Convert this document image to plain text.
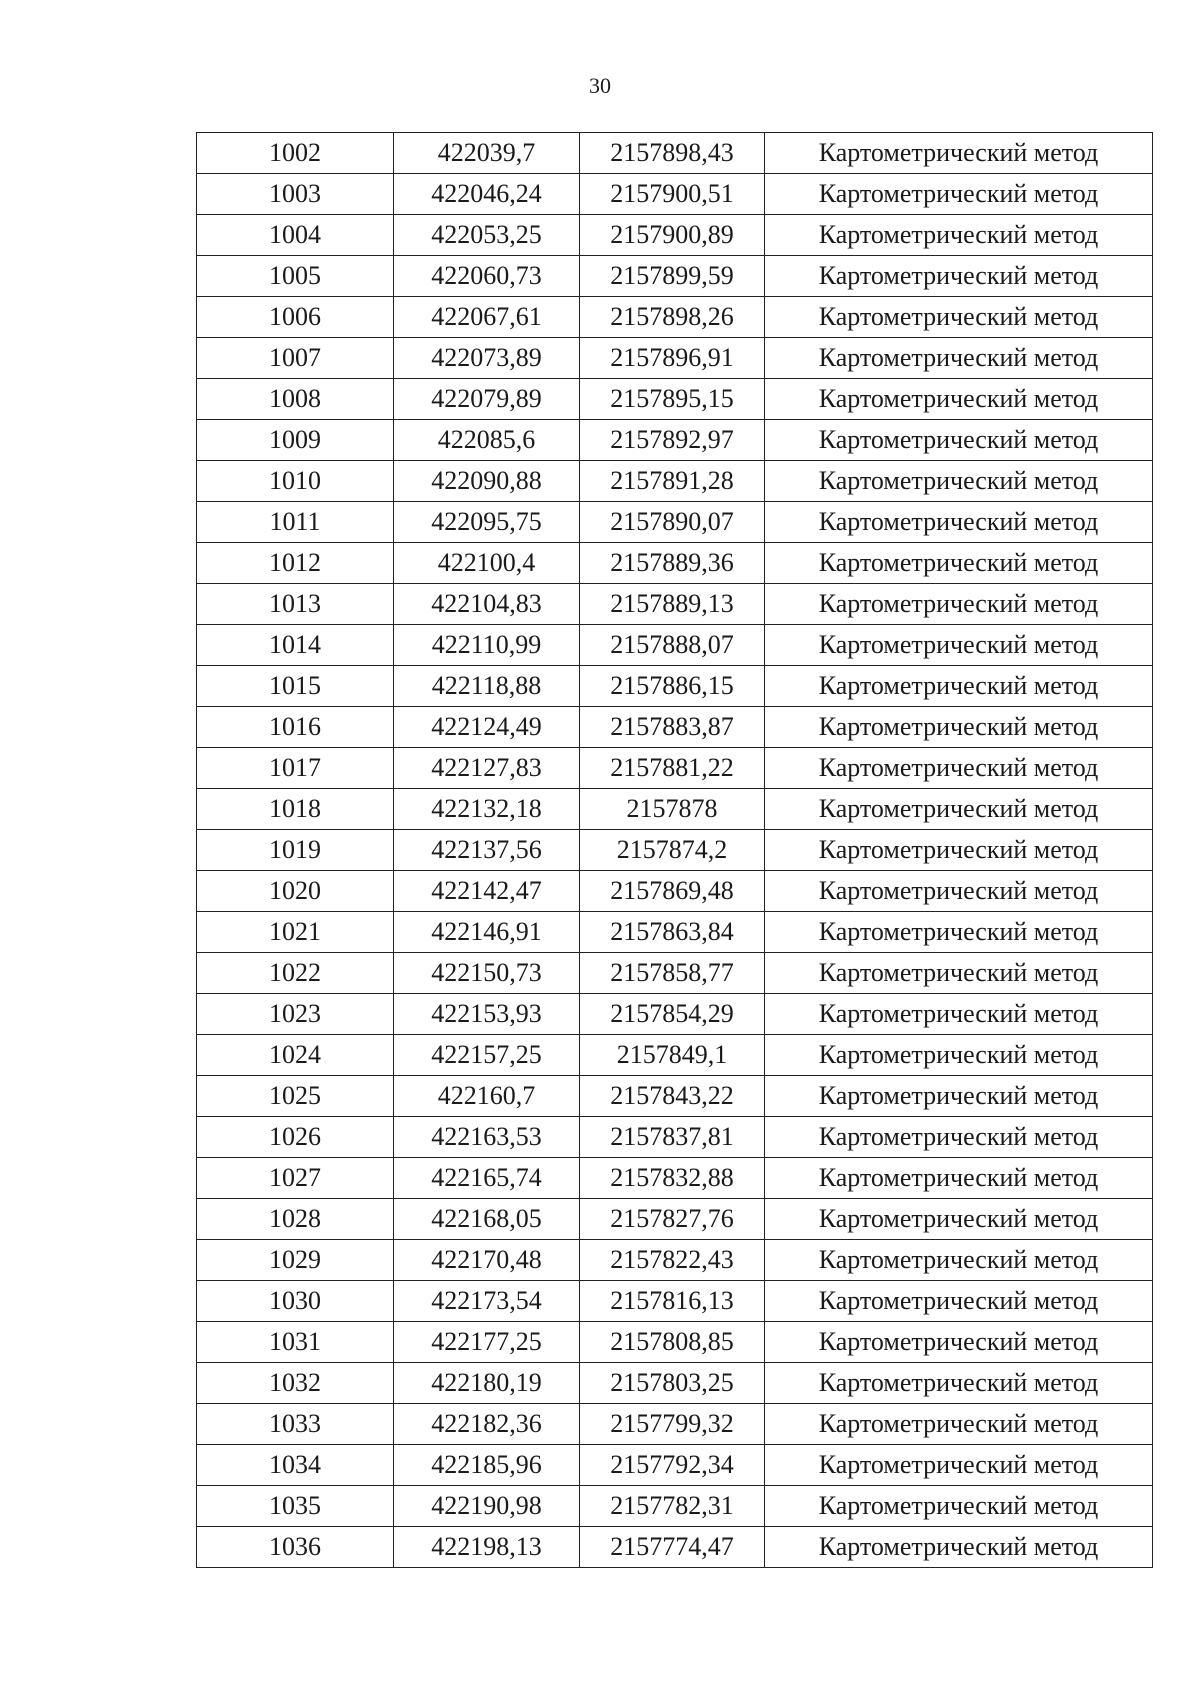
30
1002	422039,7	2157898,43	Картометрический метод
1003	422046,24	2157900,51	Картометрический метод
1004	422053,25	2157900,89	Картометрический метод
1005	422060,73	2157899,59	Картометрический метод
1006	422067,61	2157898,26	Картометрический метод
1007	422073,89	2157896,91	Картометрический метод
1008	422079,89	2157895,15	Картометрический метод
1009	422085,6	2157892,97	Картометрический метод
1010	422090,88	2157891,28	Картометрический метод
1011	422095,75	2157890,07	Картометрический метод
1012	422100,4	2157889,36	Картометрический метод
1013	422104,83	2157889,13	Картометрический метод
1014	422110,99	2157888,07	Картометрический метод
1015	422118,88	2157886,15	Картометрический метод
1016	422124,49	2157883,87	Картометрический метод
1017	422127,83	2157881,22	Картометрический метод
1018	422132,18	2157878	Картометрический метод
1019	422137,56	2157874,2	Картометрический метод
1020	422142,47	2157869,48	Картометрический метод
1021	422146,91	2157863,84	Картометрический метод
1022	422150,73	2157858,77	Картометрический метод
1023	422153,93	2157854,29	Картометрический метод
1024	422157,25	2157849,1	Картометрический метод
1025	422160,7	2157843,22	Картометрический метод
1026	422163,53	2157837,81	Картометрический метод
1027	422165,74	2157832,88	Картометрический метод
1028	422168,05	2157827,76	Картометрический метод
1029	422170,48	2157822,43	Картометрический метод
1030	422173,54	2157816,13	Картометрический метод
1031	422177,25	2157808,85	Картометрический метод
1032	422180,19	2157803,25	Картометрический метод
1033	422182,36	2157799,32	Картометрический метод
1034	422185,96	2157792,34	Картометрический метод
1035	422190,98	2157782,31	Картометрический метод
1036	422198,13	2157774,47	Картометрический метод
